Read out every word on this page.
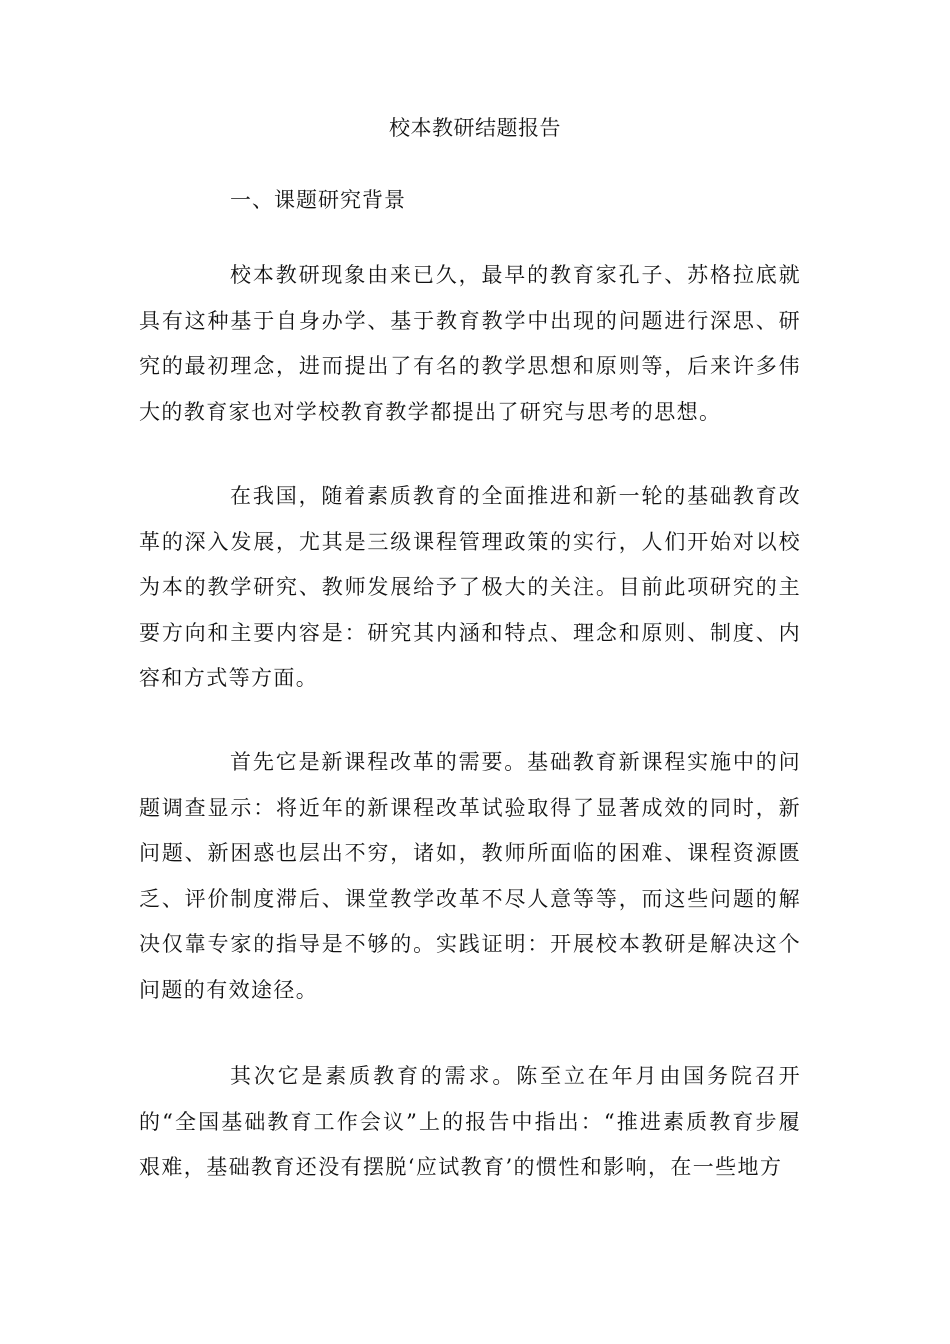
校本教研结题报告
一、课题研究背景

校本教研现象由来已久，最早的教育家孔子、苏格拉底就具有这种基于自身办学、基于教育教学中出现的问题进行深思、研究的最初理念，进而提出了有名的教学思想和原则等，后来许多伟大的教育家也对学校教育教学都提出了研究与思考的思想。

在我国，随着素质教育的全面推进和新一轮的基础教育改革的深入发展，尤其是三级课程管理政策的实行，人们开始对以校为本的教学研究、教师发展给予了极大的关注。目前此项研究的主要方向和主要内容是：研究其内涵和特点、理念和原则、制度、内容和方式等方面。

首先它是新课程改革的需要。基础教育新课程实施中的问题调查显示：将近年的新课程改革试验取得了显著成效的同时，新问题、新困惑也层出不穷，诸如，教师所面临的困难、课程资源匮乏、评价制度滞后、课堂教学改革不尽人意等等，而这些问题的解决仅靠专家的指导是不够的。实践证明：开展校本教研是解决这个问题的有效途径。

其次它是素质教育的需求。陈至立在年月由国务院召开的“全国基础教育工作会议”上的报告中指出：“推进素质教育步履艰难，基础教育还没有摆脱‘应试教育’的惯性和影响，在一些地方
